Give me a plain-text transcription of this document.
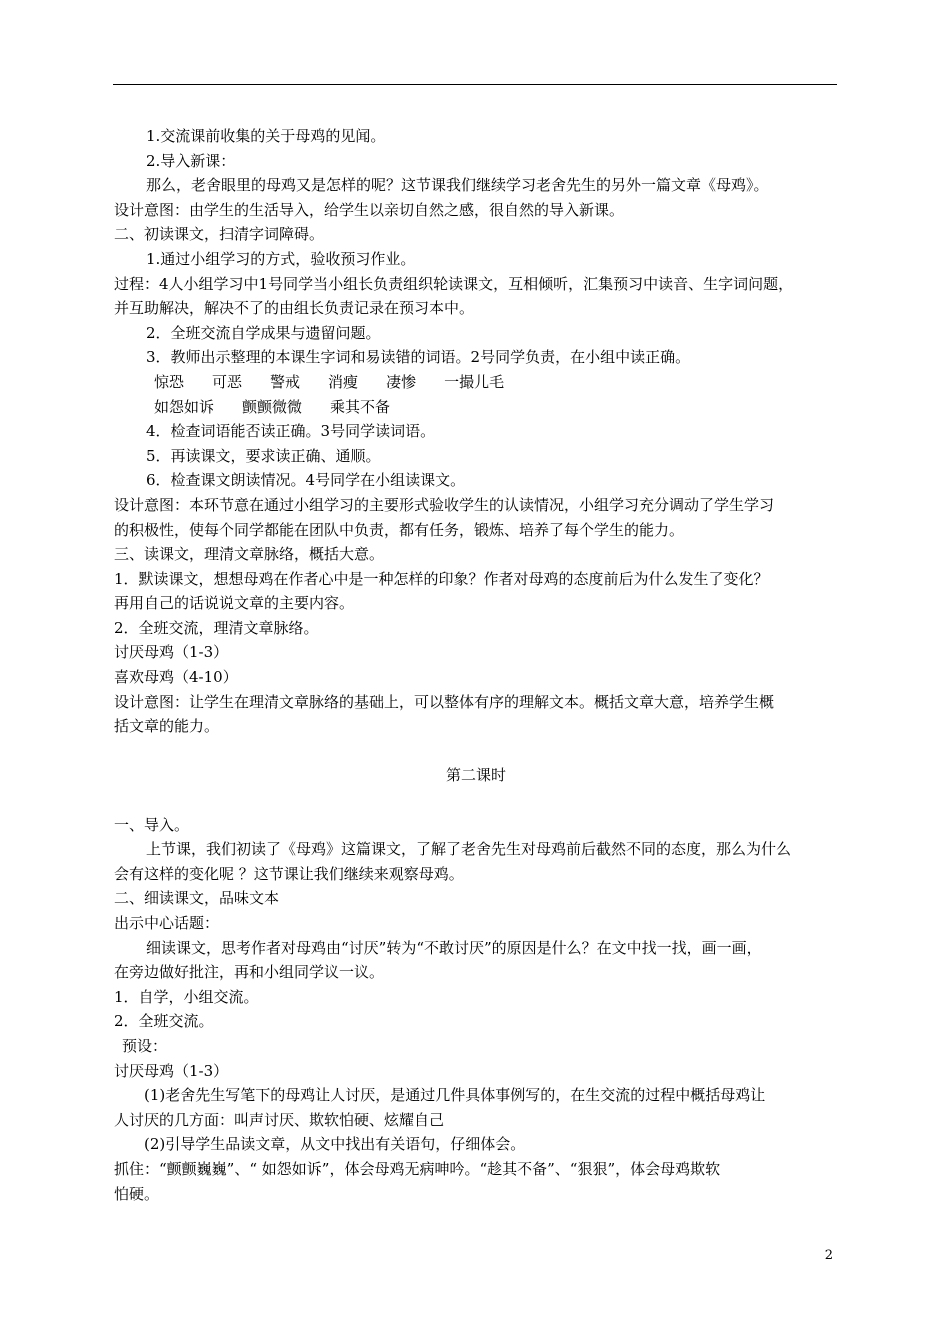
1.交流课前收集的关于母鸡的见闻。
2.导入新课：
那么，老舍眼里的母鸡又是怎样的呢？这节课我们继续学习老舍先生的另外一篇文章《母鸡》。
设计意图：由学生的生活导入，给学生以亲切自然之感，很自然的导入新课。
二、初读课文，扫清字词障碍。
1.通过小组学习的方式，验收预习作业。
过程：4人小组学习中1号同学当小组长负责组织轮读课文，互相倾听，汇集预习中读音、生字词问题，
并互助解决，解决不了的由组长负责记录在预习本中。
2．全班交流自学成果与遗留问题。
3．教师出示整理的本课生字词和易读错的词语。2号同学负责，在小组中读正确。
惊恐 可恶 警戒 消瘦 凄惨 一撮儿毛
如怨如诉 颤颤微微 乘其不备
4．检查词语能否读正确。3号同学读词语。
5．再读课文，要求读正确、通顺。
6．检查课文朗读情况。4号同学在小组读课文。
设计意图：本环节意在通过小组学习的主要形式验收学生的认读情况，小组学习充分调动了学生学习
的积极性，使每个同学都能在团队中负责，都有任务，锻炼、培养了每个学生的能力。
三、读课文，理清文章脉络，概括大意。
1．默读课文，想想母鸡在作者心中是一种怎样的印象？作者对母鸡的态度前后为什么发生了变化？
再用自己的话说说文章的主要内容。
2．全班交流，理清文章脉络。
讨厌母鸡（1-3）
喜欢母鸡（4-10）
设计意图：让学生在理清文章脉络的基础上，可以整体有序的理解文本。概括文章大意，培养学生概
括文章的能力。
第二课时
一、导入。
上节课，我们初读了《母鸡》这篇课文，了解了老舍先生对母鸡前后截然不同的态度，那么为什么
会有这样的变化呢 ？这节课让我们继续来观察母鸡。
二、细读课文，品味文本
出示中心话题：
细读课文，思考作者对母鸡由“讨厌”转为“不敢讨厌”的原因是什么？在文中找一找，画一画，
在旁边做好批注，再和小组同学议一议。
1．自学，小组交流。
2．全班交流。
预设：
讨厌母鸡（1-3）
(1)老舍先生写笔下的母鸡让人讨厌，是通过几件具体事例写的，在生交流的过程中概括母鸡让
人讨厌的几方面：叫声讨厌、欺软怕硬、炫耀自己
(2)引导学生品读文章，从文中找出有关语句，仔细体会。
抓住：“颤颤巍巍”、“ 如怨如诉”，体会母鸡无病呻吟。“趁其不备”、“狠狠”，体会母鸡欺软
怕硬。
2
